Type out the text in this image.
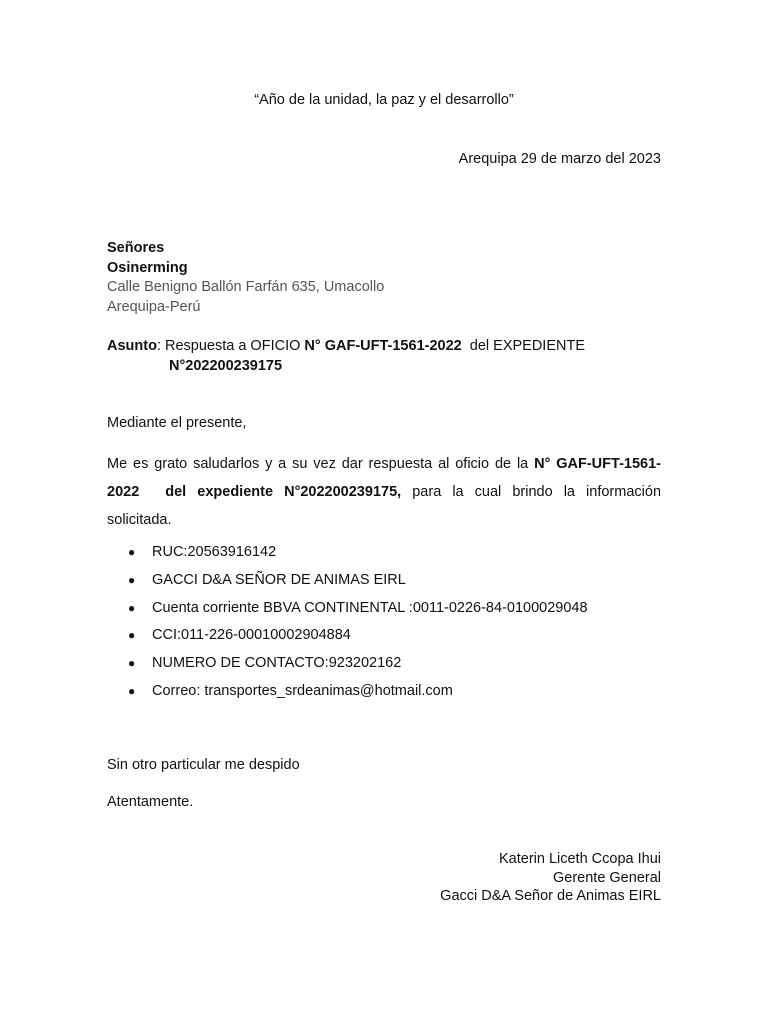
“Año de la unidad, la paz y el desarrollo”
Arequipa 29 de marzo del 2023
Señores
Osinerming
Calle Benigno Ballón Farfán 635, Umacollo
Arequipa-Perú
Asunto: Respuesta a OFICIO N° GAF-UFT-1561-2022  del EXPEDIENTE
N°202200239175
Mediante el presente,
Me es grato saludarlos y a su vez dar respuesta al oficio de la N° GAF-UFT-1561-
2022 del expediente N°202200239175, para la cual brindo la información
solicitada.
● RUC:20563916142
● GACCI D&A SEÑOR DE ANIMAS EIRL
● Cuenta corriente BBVA CONTINENTAL :0011-0226-84-0100029048
● CCI:011-226-00010002904884
● NUMERO DE CONTACTO:923202162
● Correo: transportes_srdeanimas@hotmail.com
Sin otro particular me despido
Atentamente.
Katerin Liceth Ccopa Ihui
Gerente General
Gacci D&A Señor de Animas EIRL
